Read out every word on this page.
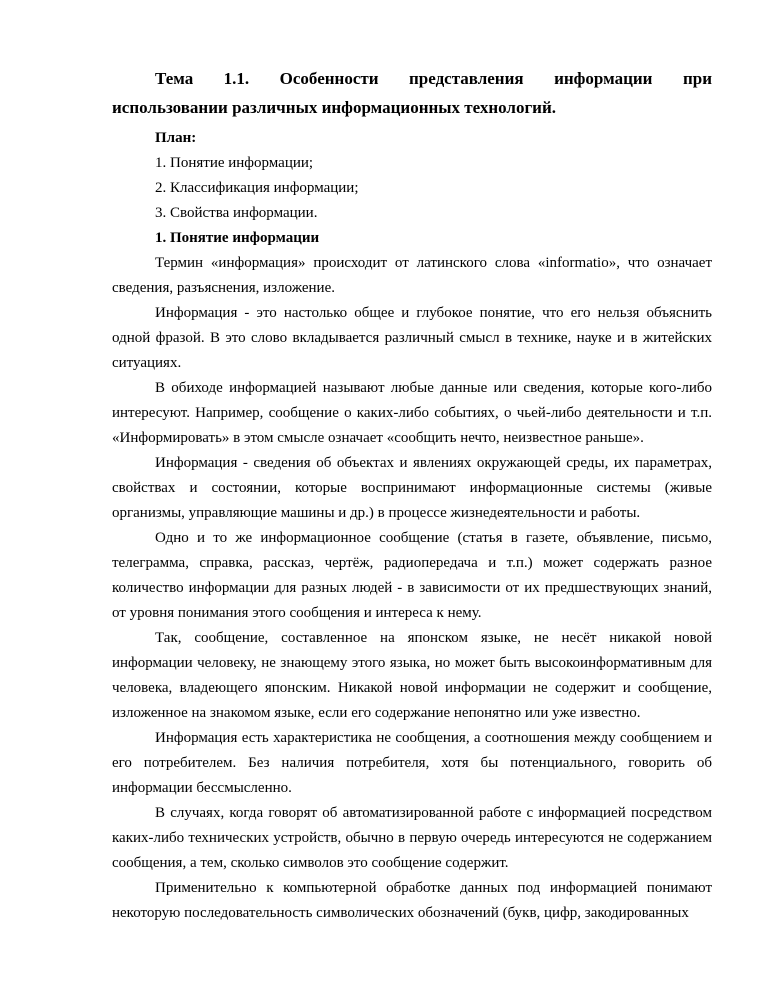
Тема 1.1. Особенности представления информации при
использовании различных информационных технологий.

План:

1. Понятие информации;

2. Классификация информации;

3. Свойства информации.

1. Понятие информации

Термин «информация» происходит от латинского слова «informatio», что означает сведения, разъяснения, изложение.

Информация - это настолько общее и глубокое понятие, что его нельзя объяснить одной фразой. В это слово вкладывается различный смысл в технике, науке и в житейских ситуациях.

В обиходе информацией называют любые данные или сведения, которые кого-либо интересуют. Например, сообщение о каких-либо событиях, о чьей-либо деятельности и т.п. «Информировать» в этом смысле означает «сообщить нечто, неизвестное раньше».

Информация - сведения об объектах и явлениях окружающей среды, их параметрах, свойствах и состоянии, которые воспринимают информационные системы (живые организмы, управляющие машины и др.) в процессе жизнедеятельности и работы.

Одно и то же информационное сообщение (статья в газете, объявление, письмо, телеграмма, справка, рассказ, чертёж, радиопередача и т.п.) может содержать разное количество информации для разных людей - в зависимости от их предшествующих знаний, от уровня понимания этого сообщения и интереса к нему.

Так, сообщение, составленное на японском языке, не несёт никакой новой информации человеку, не знающему этого языка, но может быть высокоинформативным для человека, владеющего японским. Никакой новой информации не содержит и сообщение, изложенное на знакомом языке, если его содержание непонятно или уже известно.

Информация есть характеристика не сообщения, а соотношения между сообщением и его потребителем. Без наличия потребителя, хотя бы потенциального, говорить об информации бессмысленно.

В случаях, когда говорят об автоматизированной работе с информацией посредством каких-либо технических устройств, обычно в первую очередь интересуются не содержанием сообщения, а тем, сколько символов это сообщение содержит.

Применительно к компьютерной обработке данных под информацией понимают некоторую последовательность символических обозначений (букв, цифр, закодированных
